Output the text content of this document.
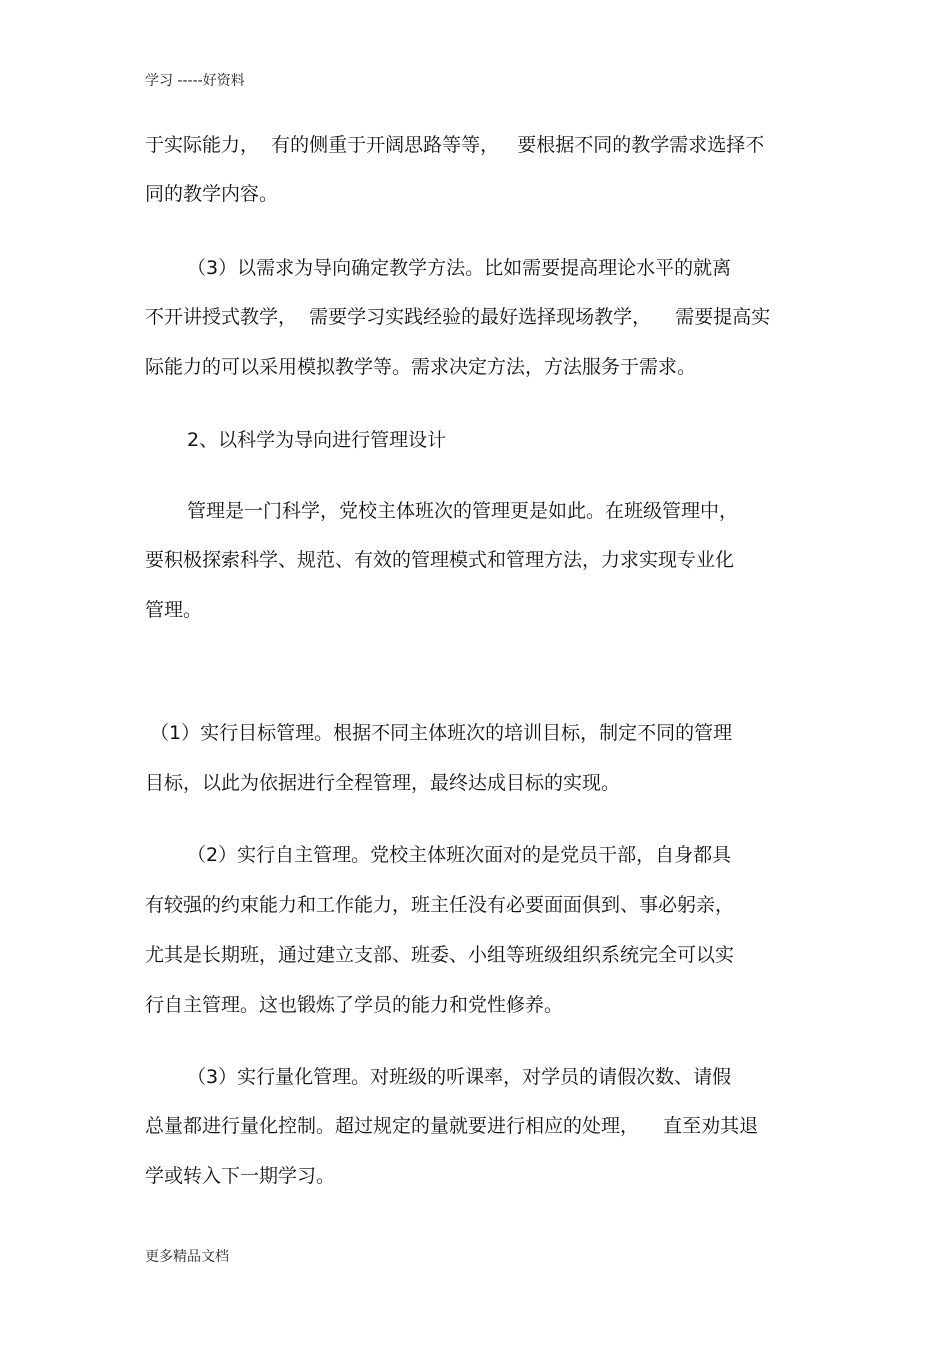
学习 -----好资料
于实际能力，  有的侧重于开阔思路等等，   要根据不同的教学需求选择不
同的教学内容。
（3）以需求为导向确定教学方法。比如需要提高理论水平的就离
不开讲授式教学，  需要学习实践经验的最好选择现场教学，    需要提高实
际能力的可以采用模拟教学等。需求决定方法，方法服务于需求。
2、以科学为导向进行管理设计
管理是一门科学，党校主体班次的管理更是如此。在班级管理中，
要积极探索科学、规范、有效的管理模式和管理方法，力求实现专业化
管理。
（1）实行目标管理。根据不同主体班次的培训目标，制定不同的管理
目标，以此为依据进行全程管理，最终达成目标的实现。
（2）实行自主管理。党校主体班次面对的是党员干部，自身都具
有较强的约束能力和工作能力，班主任没有必要面面俱到、事必躬亲，
尤其是长期班，通过建立支部、班委、小组等班级组织系统完全可以实
行自主管理。这也锻炼了学员的能力和党性修养。
（3）实行量化管理。对班级的听课率，对学员的请假次数、请假
总量都进行量化控制。超过规定的量就要进行相应的处理，    直至劝其退
学或转入下一期学习。
更多精品文档
